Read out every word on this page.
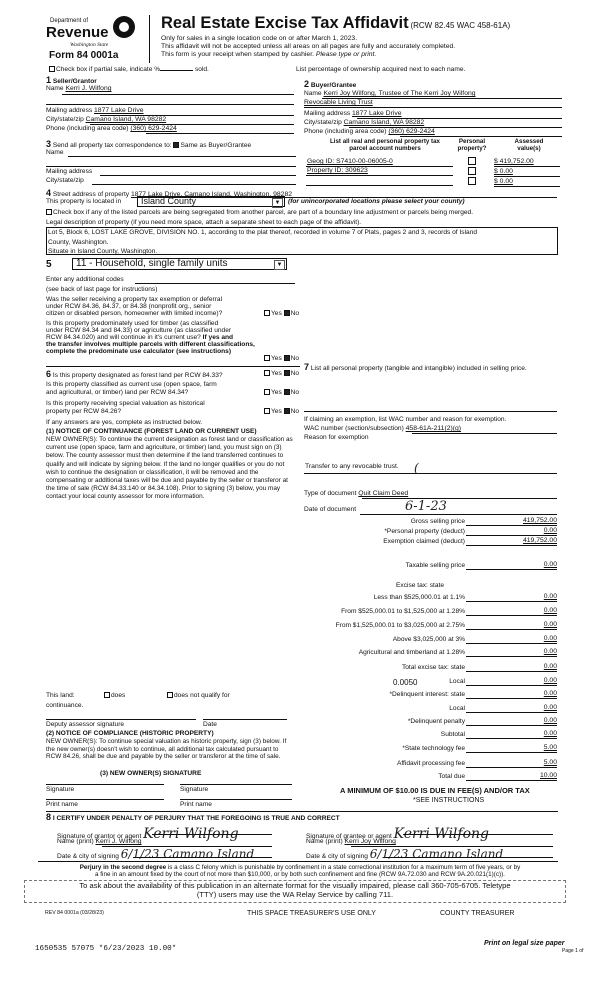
Department of
Revenue
Washington State
Form 84 0001a
Real Estate Excise Tax Affidavit (RCW 82.45 WAC 458-61A)
Only for sales in a single location code on or after March 1, 2023.
This affidavit will not be accepted unless all areas on all pages are fully and accurately completed.
This form is your receipt when stamped by cashier. Please type or print.
Check box if partial sale, indicate %	sold.	List percentage of ownership acquired next to each name.
1 Seller/Grantor
Name Kerri J. Wilfong
Mailing address 1877 Lake Drive
City/state/zip Camano Island, WA 98282
Phone (including area code) (360) 629-2424
2 Buyer/Grantee
Name Kerri Joy Wilfong, Trustee of The Kerri Joy Wilfong
Revocable Living Trust
Mailing address 1877 Lake Drive
City/state/zip Camano Island, WA 98282
Phone (including area code) (360) 629-2424
3 Send all property tax correspondence to: Same as Buyer/Grantee
Name
Mailing address
City/state/zip
List all real and personal property tax
parcel account numbers
Personal
property?
Assessed
value(s)
Geog ID: S7410-00-06005-0	$ 419,752.00
Property ID: 309623	$ 0.00
$ 0.00
4 Street address of property 1877 Lake Drive, Camano Island, Washington, 98282
This property is located in	Island County	▼	(for unincorporated locations please select your county)
Check box if any of the listed parcels are being segregated from another parcel, are part of a boundary line adjustment or parcels being merged.
Legal description of property (if you need more space, attach a separate sheet to each page of the affidavit).
Lot 5, Block 6, LOST LAKE GROVE, DIVISION NO. 1, according to the plat thereof, recorded in volume 7 of Plats, pages 2 and 3, records of Island
County, Washington.
Situate in Island County, Washington.
5	11 - Household, single family units	▼
Enter any additional codes
(see back of last page for instructions)
Was the seller receiving a property tax exemption or deferral
under RCW 84.36, 84.37, or 84.38 (nonprofit org., senior
citizen or disabled person, homeowner with limited income)?	Yes No
Is this property predominately used for timber (as classified
under RCW 84.34 and 84.33) or agriculture (as classified under
RCW 84.34.020) and will continue in it's current use? If yes and
the transfer involves multiple parcels with different classifications,
complete the predominate use calculator (see instructions)
Yes No
6 Is this property designated as forest land per RCW 84.33?	Yes No
Is this property classified as current use (open space, farm
and agricultural, or timber) land per RCW 84.34?	Yes No
Is this property receiving special valuation as historical
property per RCW 84.26?	Yes No
If any answers are yes, complete as instructed below.
(1) NOTICE OF CONTINUANCE (FOREST LAND OR CURRENT USE)
NEW OWNER(S): To continue the current designation as forest land or classification as current use (open space, farm and agriculture, or timber) land, you must sign on (3) below. The county assessor must then determine if the land transferred continues to qualify and will indicate by signing below. If the land no longer qualifies or you do not wish to continue the designation or classification, it will be removed and the compensating or additional taxes will be due and payable by the seller or transferor at the time of sale (RCW 84.33.140 or 84.34.108). Prior to signing (3) below, you may contact your local county assessor for more information.
This land:	does	does not qualify for
continuance.
Deputy assessor signature	Date
(2) NOTICE OF COMPLIANCE (HISTORIC PROPERTY)
NEW OWNER(S): To continue special valuation as historic property, sign (3) below. If the new owner(s) doesn't wish to continue, all additional tax calculated pursuant to RCW 84.26, shall be due and payable by the seller or transferor at the time of sale.
(3) NEW OWNER(S) SIGNATURE
Signature	Signature
Print name	Print name
7 List all personal property (tangible and intangible) included in selling price.
If claiming an exemption, list WAC number and reason for exemption.
WAC number (section/subsection) 458-61A-211(2)(g)
Reason for exemption
Transfer to any revocable trust. (
Type of document Quit Claim Deed
Date of document	6-1-23
Gross selling price	419,752.00
*Personal property (deduct)	0.00
Exemption claimed (deduct)	419,752.00
Taxable selling price	0.00
Less than $525,000.01 at 1.1%	0.00
From $525,000.01 to $1,525,000 at 1.28%	0.00
From $1,525,000.01 to $3,025,000 at 2.75%	0.00
Above $3,025,000 at 3%	0.00
Agricultural and timberland at 1.28%	0.00
Total excise tax: state	0.00
Local	0.00
*Delinquent interest: state	0.00
Local	0.00
*Delinquent penalty	0.00
Subtotal	0.00
*State technology fee	5.00
Affidavit processing fee	5.00
Total due	10.00
Excise tax: state
0.0050
A MINIMUM OF $10.00 IS DUE IN FEE(S) AND/OR TAX
*SEE INSTRUCTIONS
8 I CERTIFY UNDER PENALTY OF PERJURY THAT THE FOREGOING IS TRUE AND CORRECT
Signature of grantor or agent Kerri Wilfong
Name (print) Kerri J. Wilfong
Date & city of signing 6/1/23 Camano Island
Signature of grantee or agent Kerri Wilfong
Name (print) Kerri Joy Wilfong
Date & city of signing 6/1/23 Camano Island
Perjury in the second degree is a class C felony which is punishable by confinement in a state correctional institution for a maximum term of five years, or by
a fine in an amount fixed by the court of not more than $10,000, or by both such confinement and fine (RCW 9A.72.030 and RCW 9A.20.021(1)(c)).
To ask about the availability of this publication in an alternate format for the visually impaired, please call 360-705-6705. Teletype
(TTY) users may use the WA Relay Service by calling 711.
REV 84 0001a (03/28/23)	THIS SPACE TREASURER'S USE ONLY	COUNTY TREASURER
1650535 57075 *6/23/2023 10.00*
Print on legal size paper
Page 1 of
